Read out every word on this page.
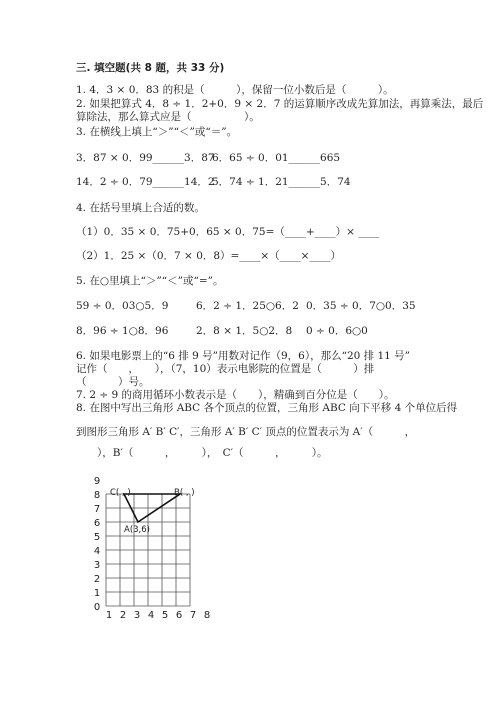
三. 填空题(共 8 题，共 33 分)
1. 4．3 × 0．83 的积是（　　　），保留一位小数后是（　　　）。
2. 如果把算式 4．8 ÷ 1．2+0．9 × 2．7 的运算顺序改成先算加法，再算乘法，最后
算除法，那么算式应是（　　　　　）。
3. 在横线上填上“＞”“＜”或“＝”。
3．87 × 0．99______3．87
6．65 ÷ 0．01______665
14．2 ÷ 0．79______14．2
5．74 ÷ 1．21______5．74
4. 在括号里填上合适的数。
（1）0．35 × 0．75+0．65 × 0．75=（____+____）× ____
（2）1．25 ×（0．7 × 0．8）=____×（____×____）
5. 在○里填上“＞”“＜”或“=”。
59 ÷ 0．03○5．9	6．2 ÷ 1．25○6．2 0．35 ÷ 0．7○0．35
8．96 ÷ 1○8．96	2．8 × 1．5○2．8 0 ÷ 0．6○0
6. 如果电影票上的“6 排 9 号”用数对记作（9，6），那么“20 排 11 号”
记作（　　，　　），（7，10）表示电影院的位置是（　　　）排
（　　　）号。
7. 2 ÷ 9 的商用循环小数表示是（　　），精确到百分位是（　　）。
8. 在图中写出三角形 ABC 各个顶点的位置，三角形 ABC 向下平移 4 个单位后得
到图形三角形 A′ B′ C′，三角形 A′ B′ C′ 顶点的位置表示为 A′（　　　，
　　），B′（　　　，　　　），　C′（　　　，　　　）。
1 2 3 4 5 6 7 8
0
1
2
3
4
5
6
7
8
9
C( , )	B( , )
A(3,6)
